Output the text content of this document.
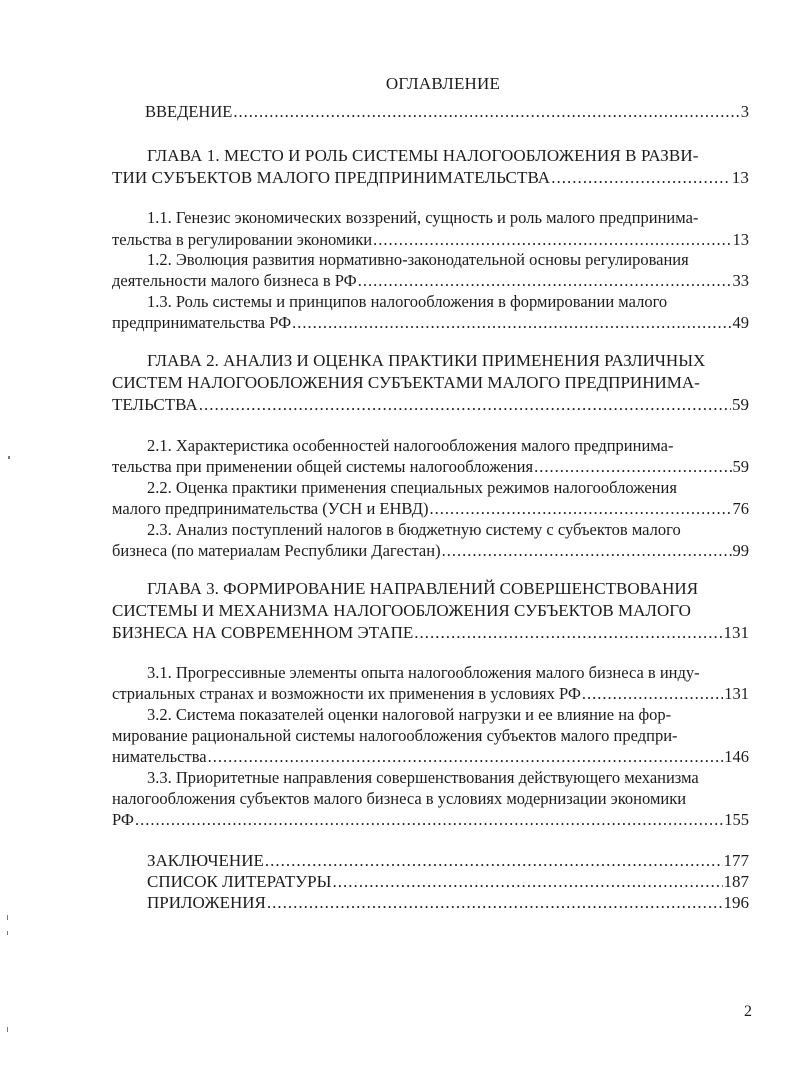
ОГЛАВЛЕНИЕ
ВВЕДЕНИЕ .....	3
ГЛАВА 1. МЕСТО И РОЛЬ СИСТЕМЫ НАЛОГООБЛОЖЕНИЯ В РАЗВИ-
ТИИ СУБЪЕКТОВ МАЛОГО ПРЕДПРИНИМАТЕЛЬСТВА .....	13
1.1. Генезис экономических воззрений, сущность и роль малого предпринима-
тельства в регулировании экономики .....	13
1.2. Эволюция развития нормативно-законодательной основы регулирования
деятельности малого бизнеса в РФ .....	33
1.3. Роль системы и принципов налогообложения в формировании малого
предпринимательства РФ .....	49
ГЛАВА 2. АНАЛИЗ И ОЦЕНКА ПРАКТИКИ ПРИМЕНЕНИЯ РАЗЛИЧНЫХ
СИСТЕМ НАЛОГООБЛОЖЕНИЯ СУБЪЕКТАМИ МАЛОГО ПРЕДПРИНИМА-
ТЕЛЬСТВА .....	59
2.1. Характеристика особенностей налогообложения малого предпринима-
тельства при применении общей системы налогообложения .....	59
2.2. Оценка практики применения специальных режимов налогообложения
малого предпринимательства (УСН и ЕНВД) .....	76
2.3. Анализ поступлений налогов в бюджетную систему с субъектов малого
бизнеса (по материалам Республики Дагестан) .....	99
ГЛАВА 3. ФОРМИРОВАНИЕ НАПРАВЛЕНИЙ СОВЕРШЕНСТВОВАНИЯ
СИСТЕМЫ И МЕХАНИЗМА НАЛОГООБЛОЖЕНИЯ СУБЪЕКТОВ МАЛОГО
БИЗНЕСА НА СОВРЕМЕННОМ ЭТАПЕ .....	131
3.1. Прогрессивные элементы опыта налогообложения малого бизнеса в инду-
стриальных странах и возможности их применения в условиях РФ .....	131
3.2. Система показателей оценки налоговой нагрузки и ее влияние на фор-
мирование рациональной системы налогообложения субъектов малого предпри-
нимательства .....	146
3.3. Приоритетные направления совершенствования действующего механизма
налогообложения субъектов малого бизнеса в условиях модернизации экономики
РФ .....	155
ЗАКЛЮЧЕНИЕ .....	177
СПИСОК ЛИТЕРАТУРЫ .....	187
ПРИЛОЖЕНИЯ .....	196
2
